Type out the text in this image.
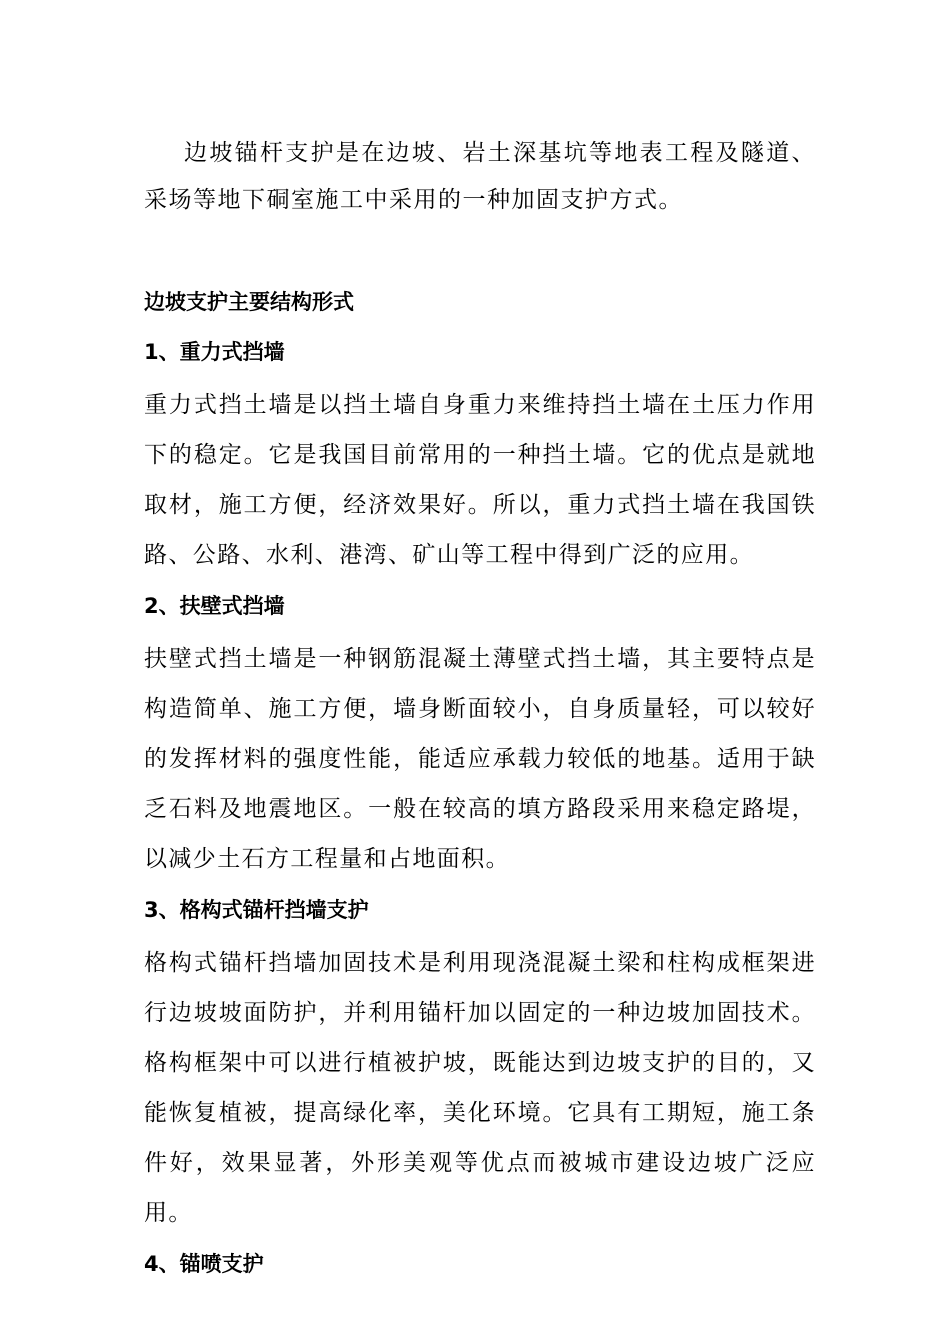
边坡锚杆支护是在边坡、岩土深基坑等地表工程及隧道、采场等地下硐室施工中采用的一种加固支护方式。

边坡支护主要结构形式
1、重力式挡墙

重力式挡土墙是以挡土墙自身重力来维持挡土墙在土压力作用下的稳定。它是我国目前常用的一种挡土墙。它的优点是就地取材，施工方便，经济效果好。所以，重力式挡土墙在我国铁路、公路、水利、港湾、矿山等工程中得到广泛的应用。

2、扶壁式挡墙

扶壁式挡土墙是一种钢筋混凝土薄壁式挡土墙，其主要特点是构造简单、施工方便，墙身断面较小，自身质量轻，可以较好的发挥材料的强度性能，能适应承载力较低的地基。适用于缺乏石料及地震地区。一般在较高的填方路段采用来稳定路堤，以减少土石方工程量和占地面积。

3、格构式锚杆挡墙支护

格构式锚杆挡墙加固技术是利用现浇混凝土梁和柱构成框架进行边坡坡面防护，并利用锚杆加以固定的一种边坡加固技术。格构框架中可以进行植被护坡，既能达到边坡支护的目的，又能恢复植被，提高绿化率，美化环境。它具有工期短，施工条件好，效果显著，外形美观等优点而被城市建设边坡广泛应用。

4、锚喷支护
